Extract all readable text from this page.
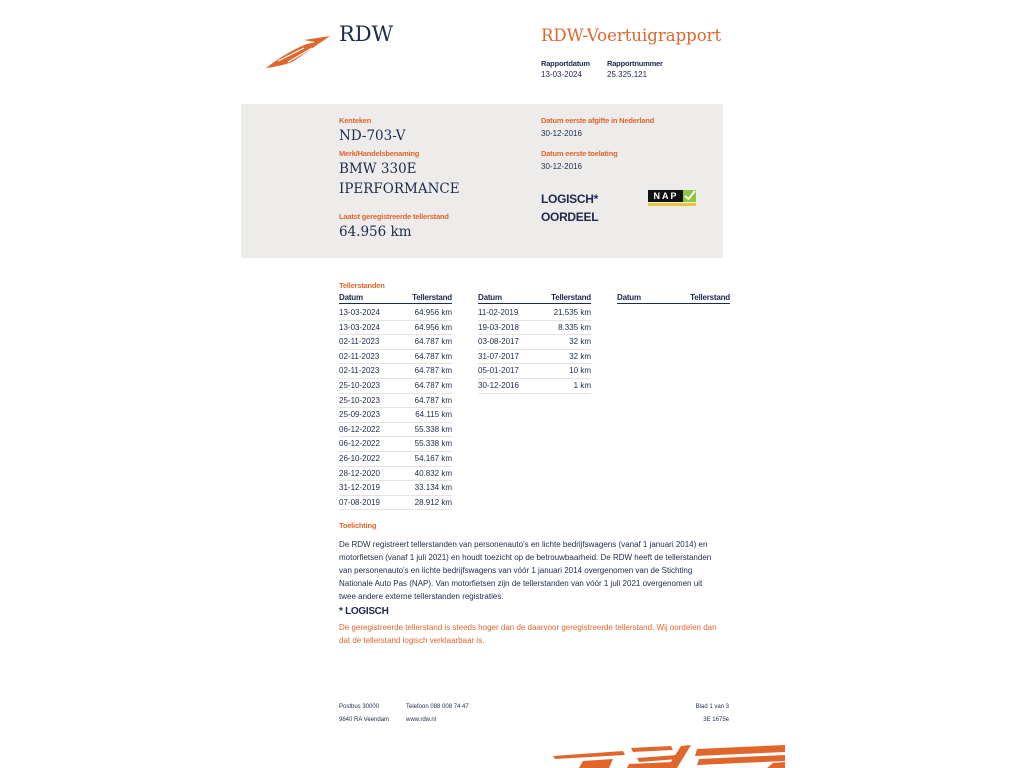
RDW	RDW-Voertuigrapport
Rapportdatum
13-03-2024
Rapportnummer
25.325.121
Kenteken
ND-703-V
Merk/Handelsbenaming
BMW 330E
IPERFORMANCE
Laatst geregistreerde tellerstand
64.956 km
Datum eerste afgifte in Nederland
30-12-2016
Datum eerste toelating
30-12-2016
LOGISCH*
OORDEEL
NAP
Tellerstanden
Datum	Tellerstand	Datum	Tellerstand	Datum	Tellerstand
13-03-2024	64.956 km
13-03-2024	64.956 km
02-11-2023	64.787 km
02-11-2023	64.787 km
02-11-2023	64.787 km
25-10-2023	64.787 km
25-10-2023	64.787 km
25-09-2023	64.115 km
06-12-2022	55.338 km
06-12-2022	55.338 km
26-10-2022	54.167 km
28-12-2020	40.832 km
31-12-2019	33.134 km
07-08-2019	28.912 km
11-02-2019	21.535 km
19-03-2018	8.335 km
03-08-2017	32 km
31-07-2017	32 km
05-01-2017	10 km
30-12-2016	1 km
Toelichting
De RDW registreert tellerstanden van personenauto's en lichte bedrijfswagens (vanaf 1 januari 2014) en
motorfietsen (vanaf 1 juli 2021) en houdt toezicht op de betrouwbaarheid. De RDW heeft de tellerstanden
van personenauto's en lichte bedrijfswagens van vóór 1 januari 2014 overgenomen van de Stichting
Nationale Auto Pas (NAP). Van motorfietsen zijn de tellerstanden van vóór 1 juli 2021 overgenomen uit
twee andere externe tellerstanden registraties.
* LOGISCH
De geregistreerde tellerstand is steeds hoger dan de daarvoor geregistreerde tellerstand. Wij oordelen dan
dat de tellerstand logisch verklaarbaar is.
Postbus 30000
9640 RA Veendam
Telefoon 088 008 74 47
www.rdw.nl
Blad 1 van 3
3E 1675e
